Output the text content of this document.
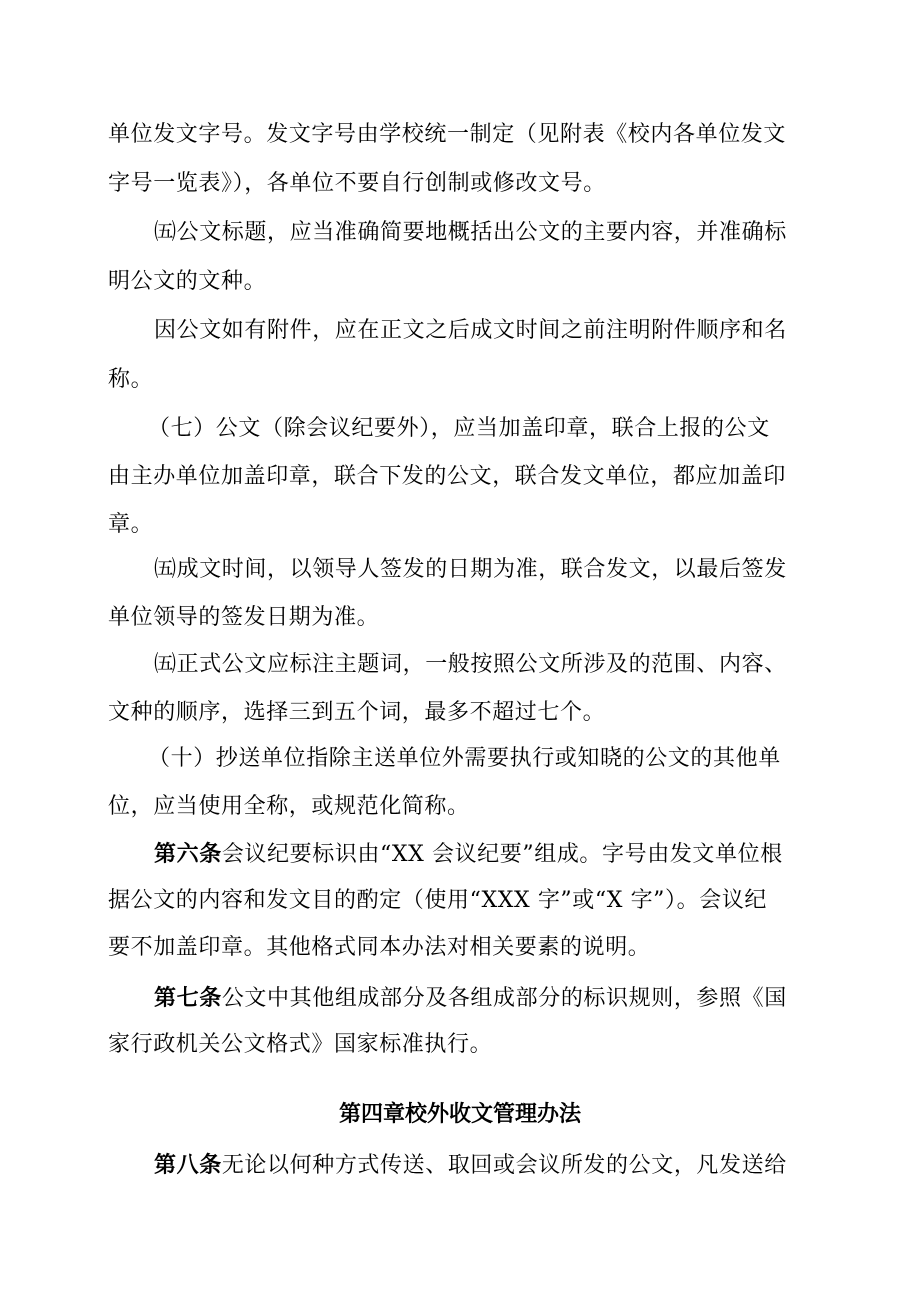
单位发文字号。发文字号由学校统一制定（见附表《校内各单位发文
字号一览表》），各单位不要自行创制或修改文号。
㈤公文标题，应当准确简要地概括出公文的主要内容，并准确标
明公文的文种。
因公文如有附件，应在正文之后成文时间之前注明附件顺序和名
称。
（七）公文（除会议纪要外），应当加盖印章，联合上报的公文
由主办单位加盖印章，联合下发的公文，联合发文单位，都应加盖印
章。
㈤成文时间，以领导人签发的日期为准，联合发文，以最后签发
单位领导的签发日期为准。
㈤正式公文应标注主题词，一般按照公文所涉及的范围、内容、
文种的顺序，选择三到五个词，最多不超过七个。
（十）抄送单位指除主送单位外需要执行或知晓的公文的其他单
位，应当使用全称，或规范化简称。
第六条会议纪要标识由“XX 会议纪要”组成。字号由发文单位根
据公文的内容和发文目的酌定（使用“XXX 字”或“X 字”）。会议纪
要不加盖印章。其他格式同本办法对相关要素的说明。
第七条公文中其他组成部分及各组成部分的标识规则，参照《国
家行政机关公文格式》国家标准执行。
第四章校外收文管理办法
第八条无论以何种方式传送、取回或会议所发的公文，凡发送给
